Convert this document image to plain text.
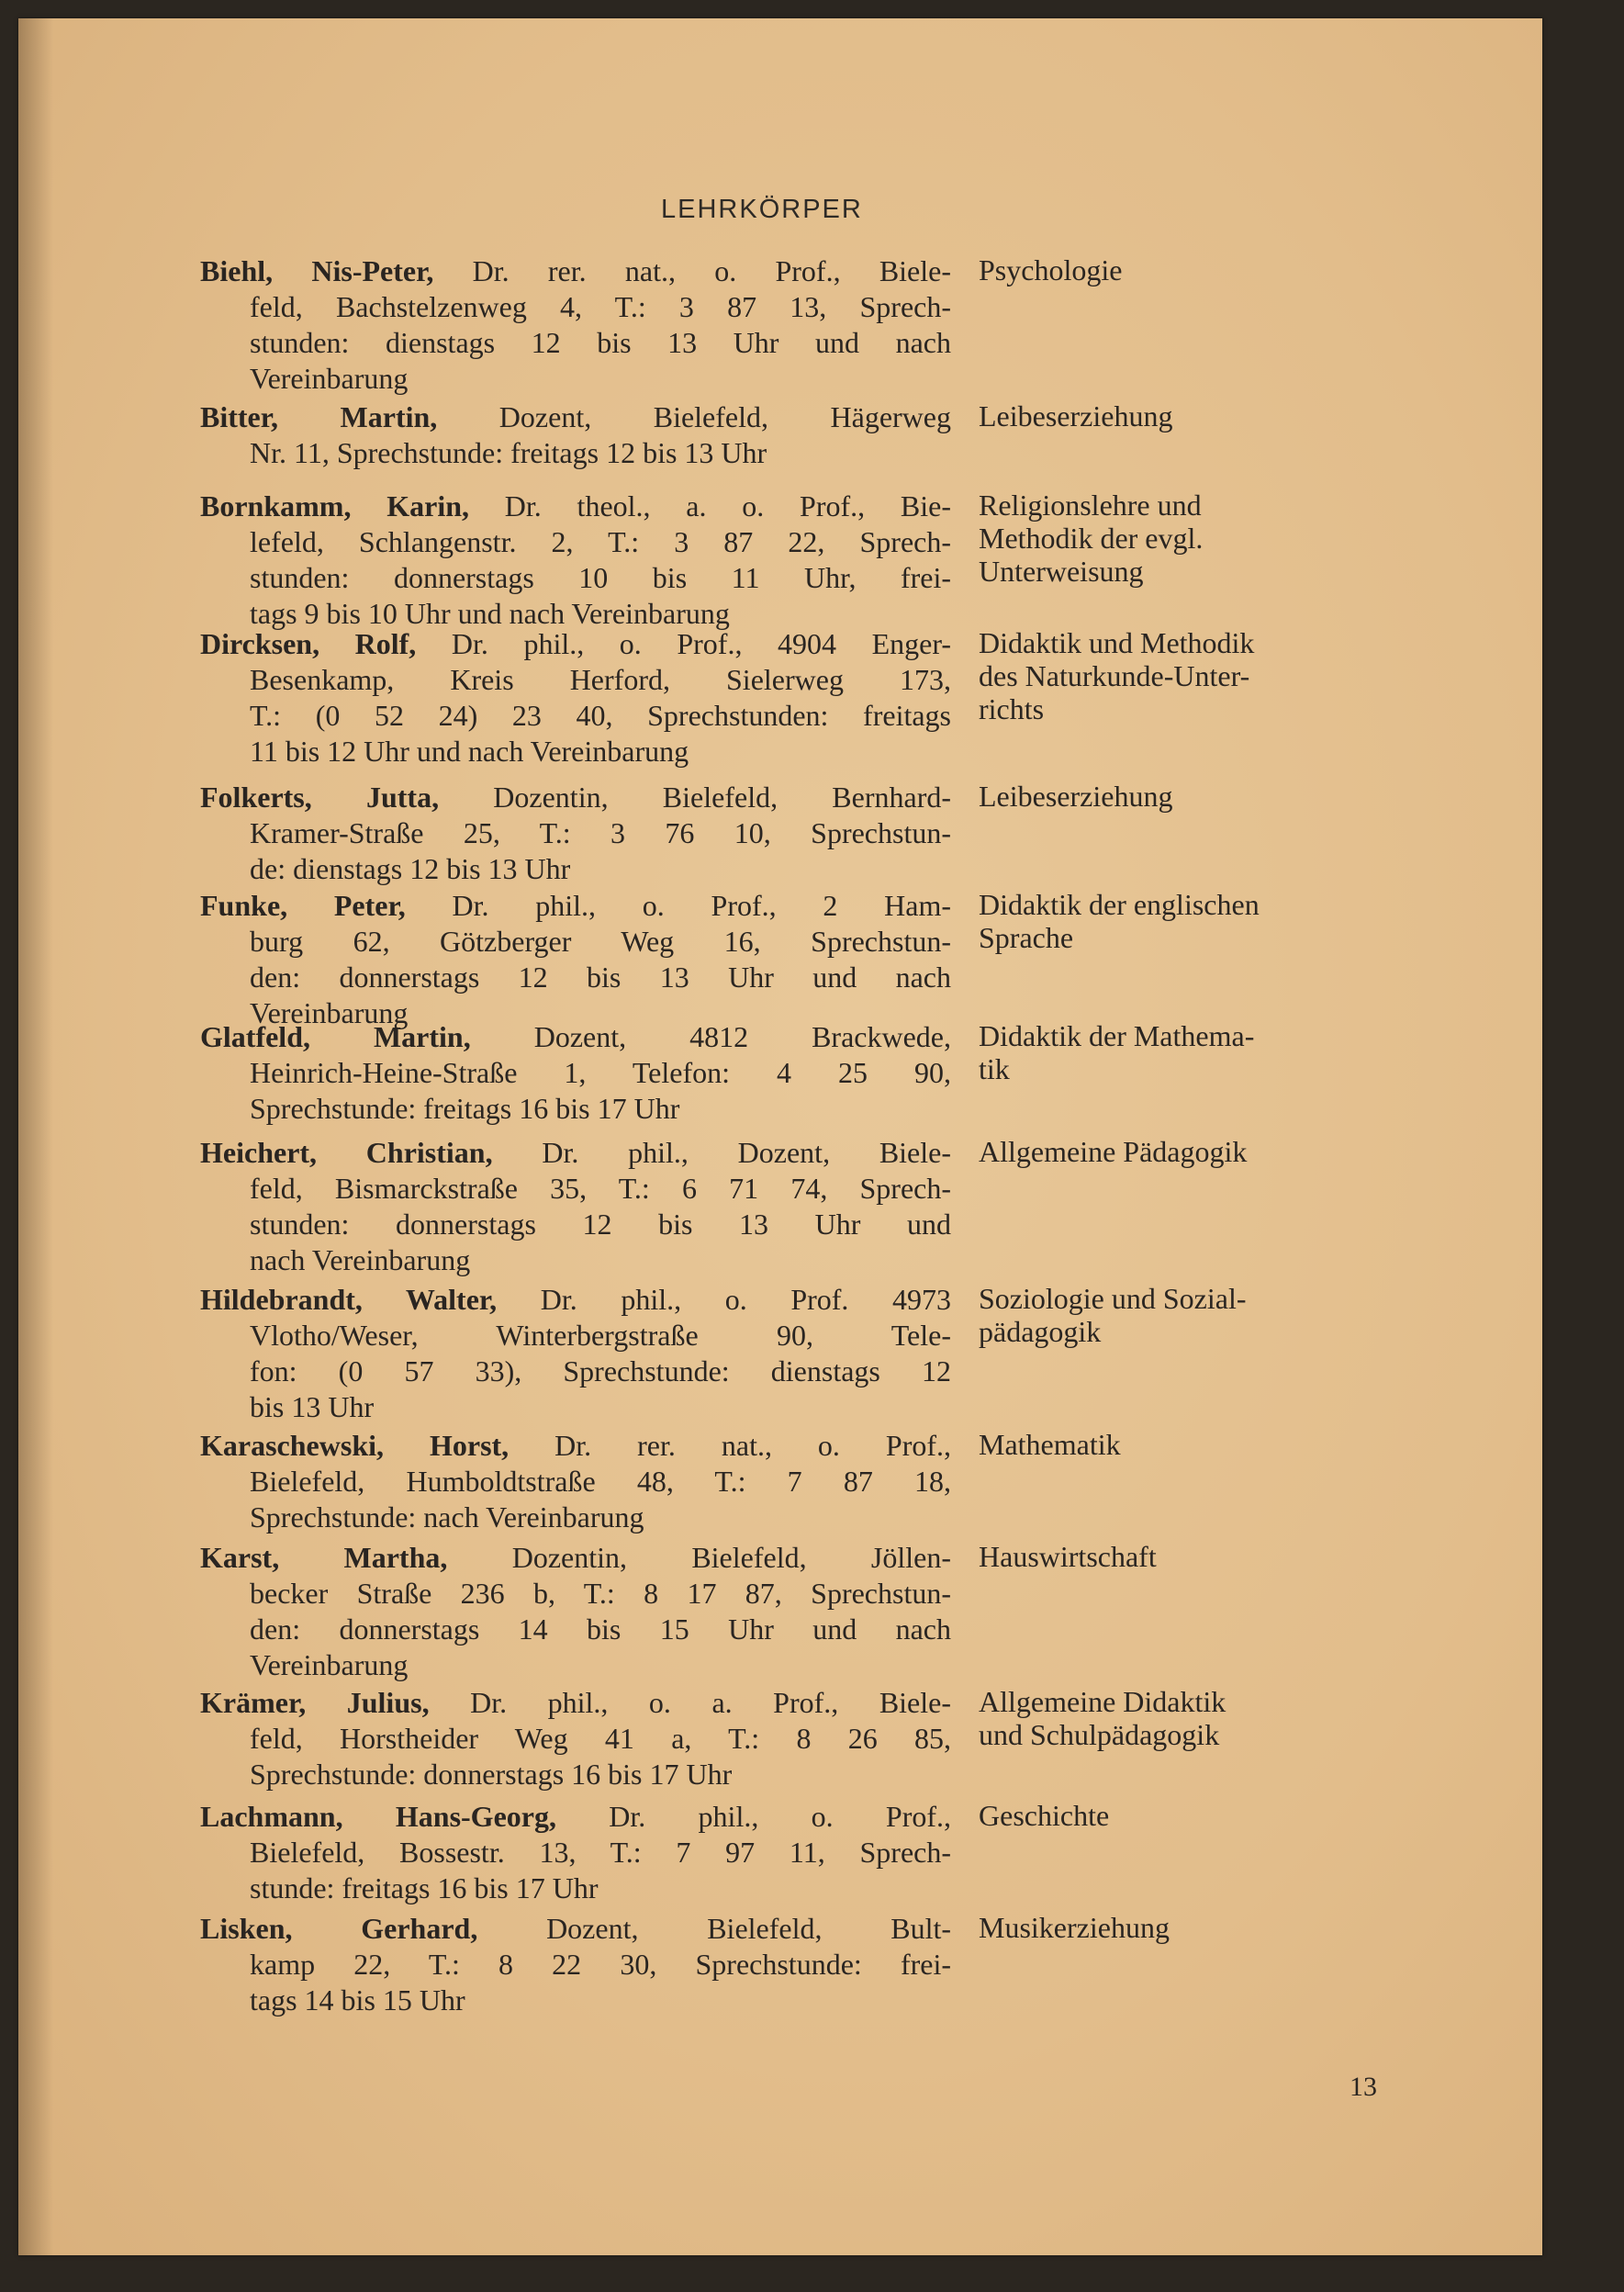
LEHRKÖRPER
Biehl, Nis-Peter, Dr. rer. nat., o. Prof., Biele-
feld, Bachstelzenweg 4, T.: 3 87 13, Sprech-
stunden: dienstags 12 bis 13 Uhr und nach
Vereinbarung
Psychologie
Bitter, Martin, Dozent, Bielefeld, Hägerweg
Nr. 11, Sprechstunde: freitags 12 bis 13 Uhr
Leibeserziehung
Bornkamm, Karin, Dr. theol., a. o. Prof., Bie-
lefeld, Schlangenstr. 2, T.: 3 87 22, Sprech-
stunden: donnerstags 10 bis 11 Uhr, frei-
tags 9 bis 10 Uhr und nach Vereinbarung
Religionslehre und
Methodik der evgl.
Unterweisung
Dircksen, Rolf, Dr. phil., o. Prof., 4904 Enger-
Besenkamp, Kreis Herford, Sielerweg 173,
T.: (0 52 24) 23 40, Sprechstunden: freitags
11 bis 12 Uhr und nach Vereinbarung
Didaktik und Methodik
des Naturkunde-Unter-
richts
Folkerts, Jutta, Dozentin, Bielefeld, Bernhard-
Kramer-Straße 25, T.: 3 76 10, Sprechstun-
de: dienstags 12 bis 13 Uhr
Leibeserziehung
Funke, Peter, Dr. phil., o. Prof., 2 Ham-
burg 62, Götzberger Weg 16, Sprechstun-
den: donnerstags 12 bis 13 Uhr und nach
Vereinbarung
Didaktik der englischen
Sprache
Glatfeld, Martin, Dozent, 4812 Brackwede,
Heinrich-Heine-Straße 1, Telefon: 4 25 90,
Sprechstunde: freitags 16 bis 17 Uhr
Didaktik der Mathema-
tik
Heichert, Christian, Dr. phil., Dozent, Biele-
feld, Bismarckstraße 35, T.: 6 71 74, Sprech-
stunden: donnerstags 12 bis 13 Uhr und
nach Vereinbarung
Allgemeine Pädagogik
Hildebrandt, Walter, Dr. phil., o. Prof. 4973
Vlotho/Weser, Winterbergstraße 90, Tele-
fon: (0 57 33), Sprechstunde: dienstags 12
bis 13 Uhr
Soziologie und Sozial-
pädagogik
Karaschewski, Horst, Dr. rer. nat., o. Prof.,
Bielefeld, Humboldtstraße 48, T.: 7 87 18,
Sprechstunde: nach Vereinbarung
Mathematik
Karst, Martha, Dozentin, Bielefeld, Jöllen-
becker Straße 236 b, T.: 8 17 87, Sprechstun-
den: donnerstags 14 bis 15 Uhr und nach
Vereinbarung
Hauswirtschaft
Krämer, Julius, Dr. phil., o. a. Prof., Biele-
feld, Horstheider Weg 41 a, T.: 8 26 85,
Sprechstunde: donnerstags 16 bis 17 Uhr
Allgemeine Didaktik
und Schulpädagogik
Lachmann, Hans-Georg, Dr. phil., o. Prof.,
Bielefeld, Bossestr. 13, T.: 7 97 11, Sprech-
stunde: freitags 16 bis 17 Uhr
Geschichte
Lisken, Gerhard, Dozent, Bielefeld, Bult-
kamp 22, T.: 8 22 30, Sprechstunde: frei-
tags 14 bis 15 Uhr
Musikerziehung
13
